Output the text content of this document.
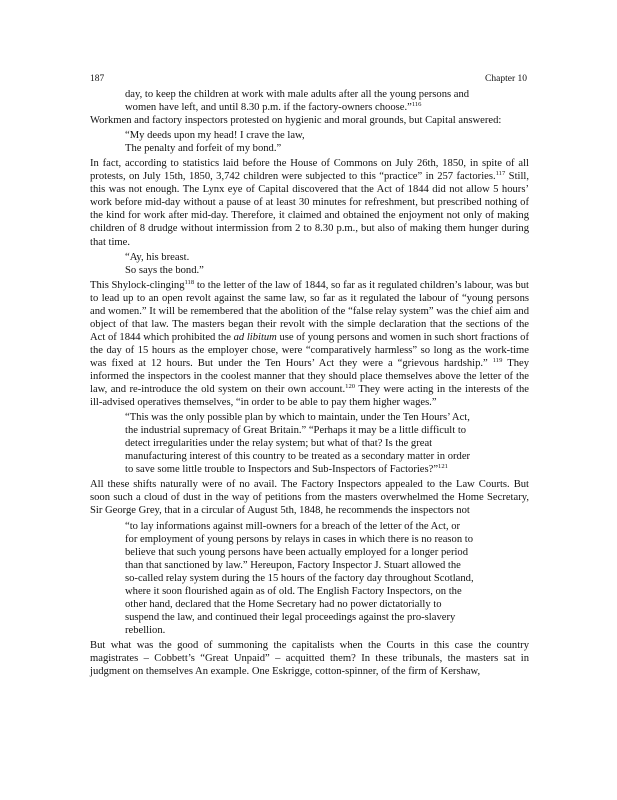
187	Chapter 10
day, to keep the children at work with male adults after all the young persons and
women have left, and until 8.30 p.m. if the factory-owners choose.”$^{116}$

Workmen and factory inspectors protested on hygienic and moral grounds, but Capital answered:

“My deeds upon my head! I crave the law,
The penalty and forfeit of my bond.”

In fact, according to statistics laid before the House of Commons on July 26th, 1850, in spite of all protests, on July 15th, 1850, 3,742 children were subjected to this “practice” in 257 factories.$^{117}$ Still, this was not enough. The Lynx eye of Capital discovered that the Act of 1844 did not allow 5 hours’ work before mid-day without a pause of at least 30 minutes for refreshment, but prescribed nothing of the kind for work after mid-day. Therefore, it claimed and obtained the enjoyment not only of making children of 8 drudge without intermission from 2 to 8.30 p.m., but also of making them hunger during that time.

“Ay, his breast.
So says the bond.”

This Shylock-clinging$^{118}$ to the letter of the law of 1844, so far as it regulated children’s labour, was but to lead up to an open revolt against the same law, so far as it regulated the labour of “young persons and women.” It will be remembered that the abolition of the “false relay system” was the chief aim and object of that law. The masters began their revolt with the simple declaration that the sections of the Act of 1844 which prohibited the ad libitum use of young persons and women in such short fractions of the day of 15 hours as the employer chose, were “comparatively harmless” so long as the work-time was fixed at 12 hours. But under the Ten Hours’ Act they were a “grievous hardship.” $^{119}$ They informed the inspectors in the coolest manner that they should place themselves above the letter of the law, and re-introduce the old system on their own account.$^{120}$ They were acting in the interests of the ill-advised operatives themselves, “in order to be able to pay them higher wages.”

“This was the only possible plan by which to maintain, under the Ten Hours’ Act,
the industrial supremacy of Great Britain.” “Perhaps it may be a little difficult to
detect irregularities under the relay system; but what of that? Is the great
manufacturing interest of this country to be treated as a secondary matter in order
to save some little trouble to Inspectors and Sub-Inspectors of Factories?”$^{121}$

All these shifts naturally were of no avail. The Factory Inspectors appealed to the Law Courts. But soon such a cloud of dust in the way of petitions from the masters overwhelmed the Home Secretary, Sir George Grey, that in a circular of August 5th, 1848, he recommends the inspectors not

“to lay informations against mill-owners for a breach of the letter of the Act, or
for employment of young persons by relays in cases in which there is no reason to
believe that such young persons have been actually employed for a longer period
than that sanctioned by law.” Hereupon, Factory Inspector J. Stuart allowed the
so-called relay system during the 15 hours of the factory day throughout Scotland,
where it soon flourished again as of old. The English Factory Inspectors, on the
other hand, declared that the Home Secretary had no power dictatorially to
suspend the law, and continued their legal proceedings against the pro-slavery
rebellion.

But what was the good of summoning the capitalists when the Courts in this case the country magistrates – Cobbett’s “Great Unpaid” – acquitted them? In these tribunals, the masters sat in judgment on themselves An example. One Eskrigge, cotton-spinner, of the firm of Kershaw,
